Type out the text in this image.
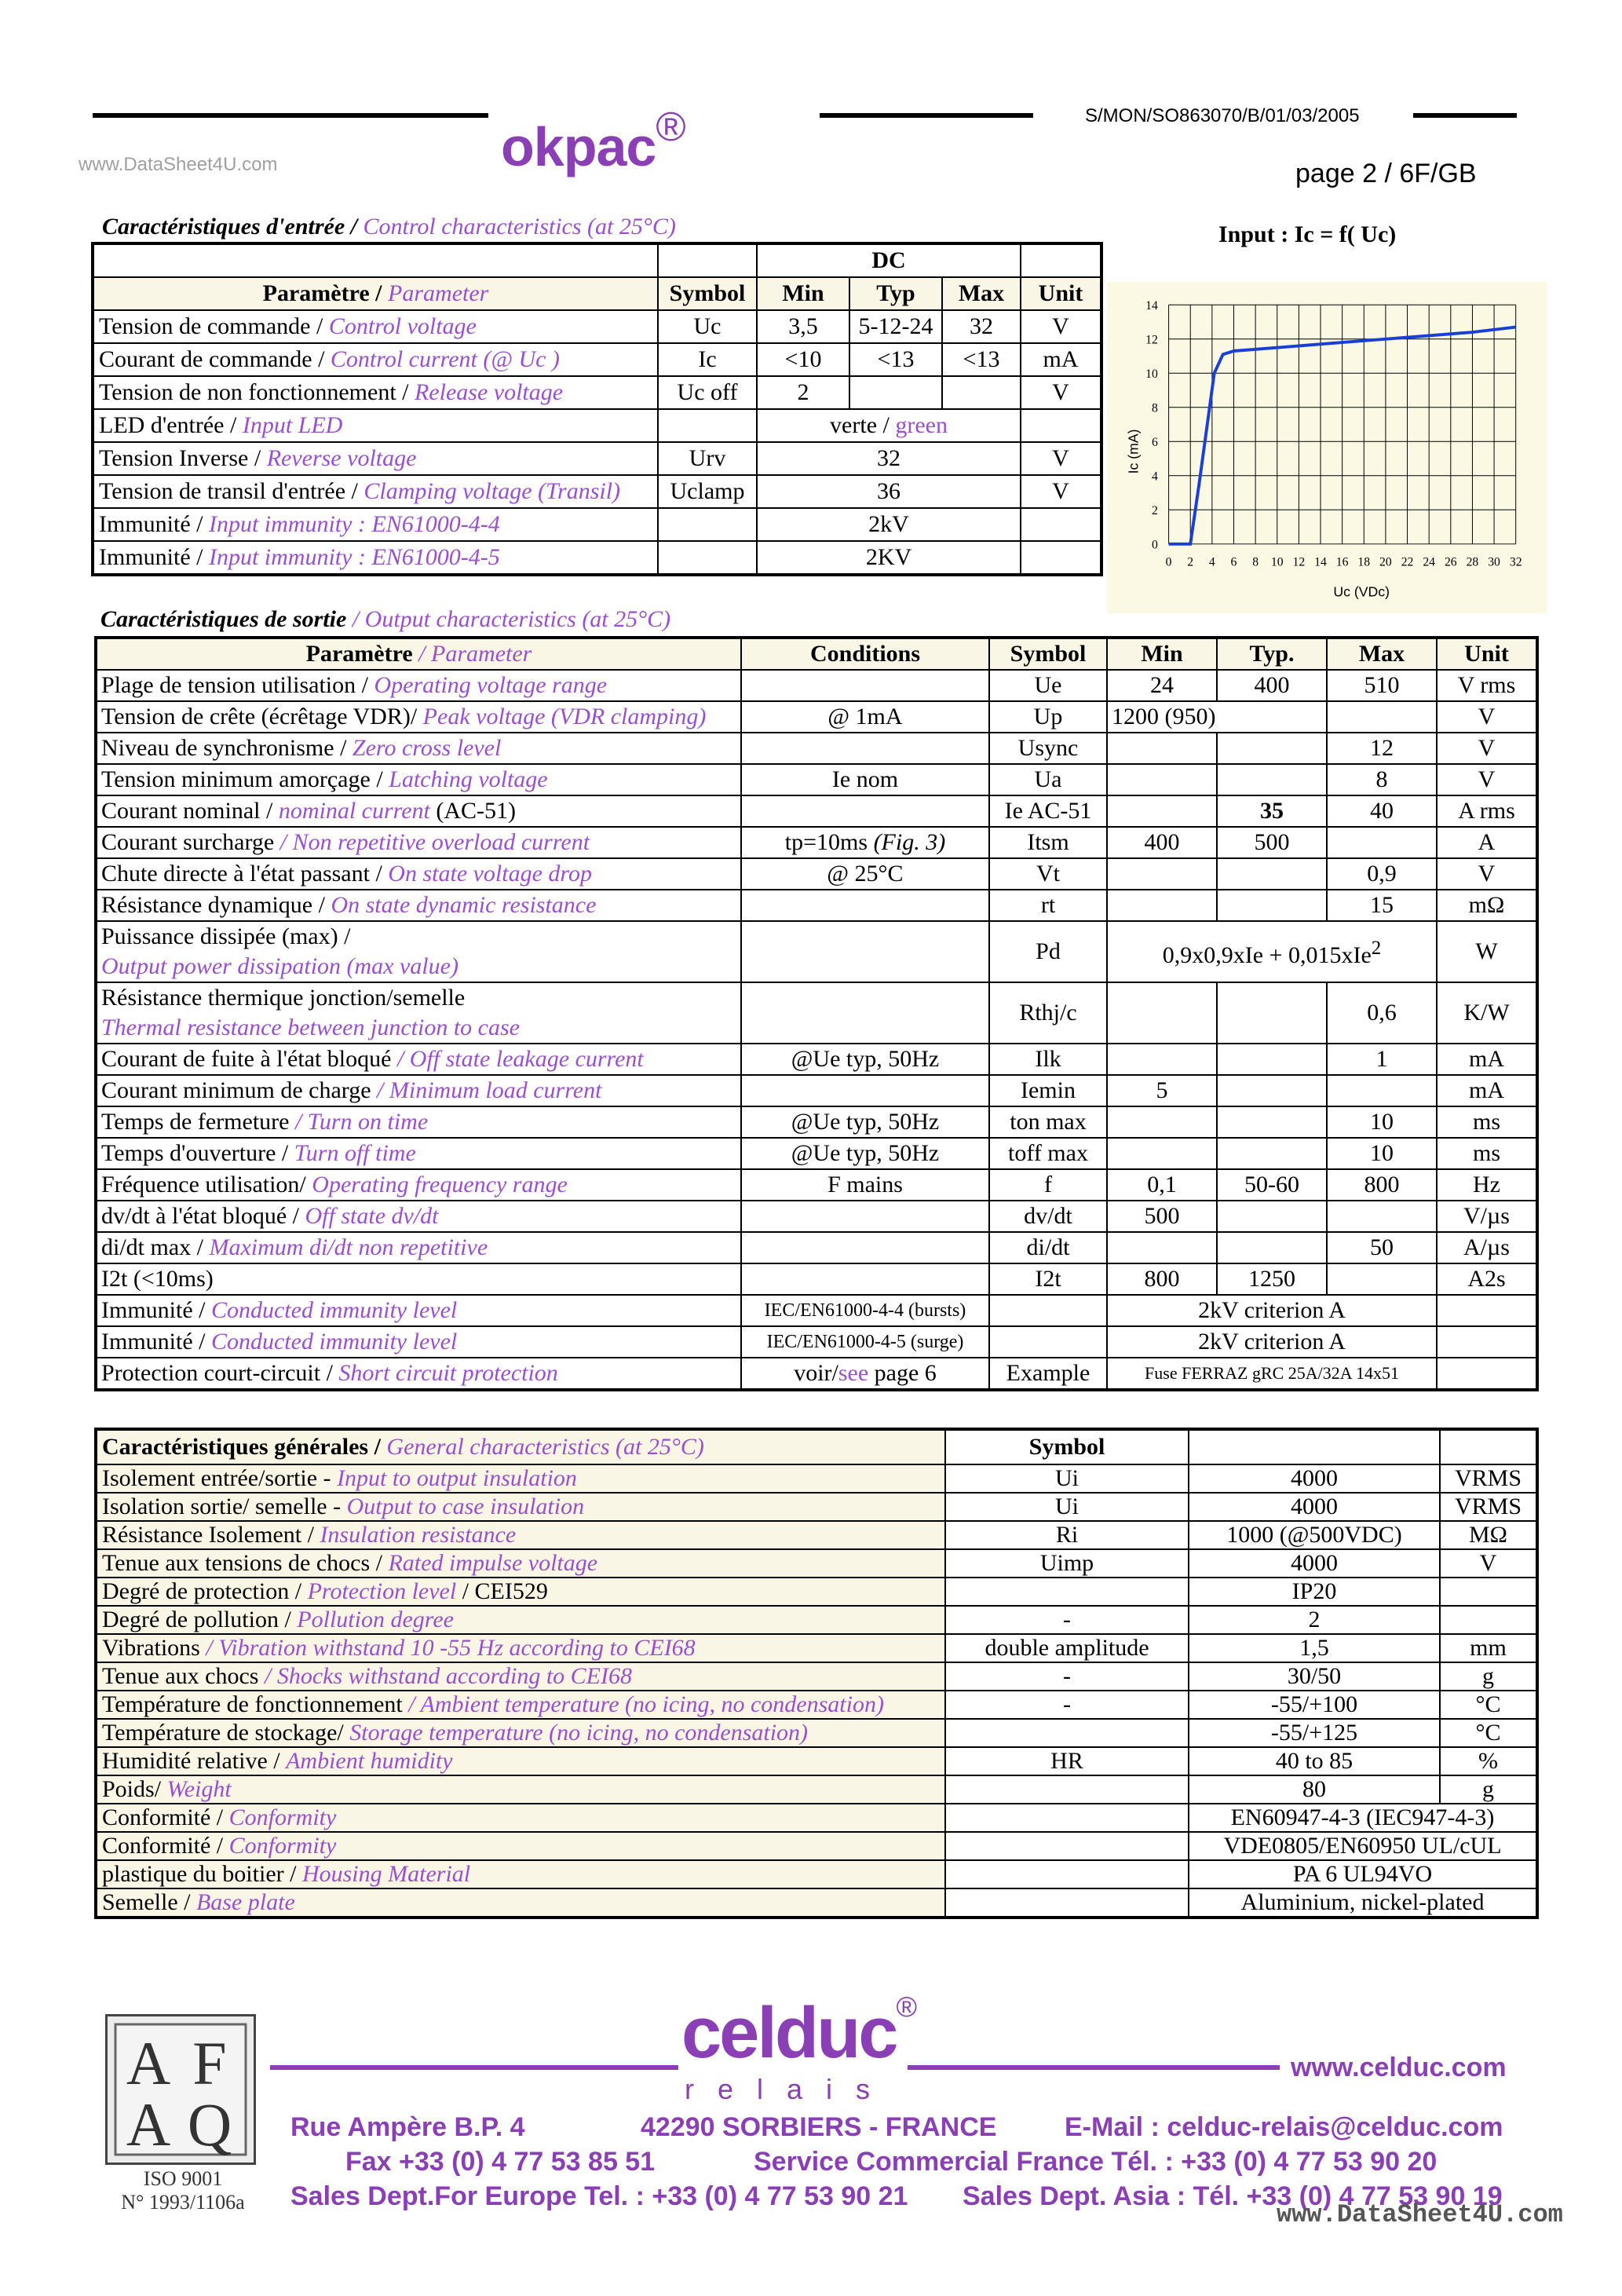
okpac®	S/MON/SO863070/B/01/03/2005
www.DataSheet4U.com	page 2 / 6F/GB
Caractéristiques d'entrée / Control characteristics (at 25°C)
		DC			
Paramètre / Parameter	Symbol	Min	Typ	Max	Unit
Tension de commande / Control voltage	Uc	3,5	5-12-24	32	V
Courant de commande / Control current (@ Uc )	Ic	<10	<13	<13	mA
Tension de non fonctionnement / Release voltage	Uc off	2			V
LED d'entrée / Input LED		verte / green			
Tension Inverse / Reverse voltage	Urv	32			V
Tension de transil d'entrée / Clamping voltage (Transil)	Uclamp	36			V
Immunité / Input immunity : EN61000-4-4		2kV			
Immunité / Input immunity : EN61000-4-5		2KV			
Input : Ic = f( Uc)
0 2 4 6 8 10 12 14 16 18 20 22 24 26 28 30 32
0
2
4
6
8
10
12
14
Uc (VDc)
Ic (mA)
Caractéristiques de sortie / Output characteristics (at 25°C)
Paramètre / Parameter	Conditions	Symbol	Min	Typ.	Max	Unit
Plage de tension utilisation / Operating voltage range		Ue	24	400	510	V rms
Tension de crête (écrêtage VDR)/ Peak voltage (VDR clamping)	@ 1mA	Up	1200 (950)			V
Niveau de synchronisme / Zero cross level		Usync			12	V
Tension minimum amorçage / Latching voltage	Ie nom	Ua			8	V
Courant nominal / nominal current (AC-51)		Ie AC-51		35	40	A rms
Courant surcharge / Non repetitive overload current	tp=10ms (Fig. 3)	Itsm	400	500		A
Chute directe à l'état passant / On state voltage drop	@ 25°C	Vt			0,9	V
Résistance dynamique / On state dynamic resistance		rt			15	mΩ
Puissance dissipée (max) /
Output power dissipation (max value)		Pd	0,9x0,9xIe + 0,015xIe$^2$			W
Résistance thermique jonction/semelle
Thermal resistance between junction to case		Rthj/c			0,6	K/W
Courant de fuite à l'état bloqué / Off state leakage current	@Ue typ, 50Hz	Ilk			1	mA
Courant minimum de charge / Minimum load current		Iemin	5			mA
Temps de fermeture / Turn on time	@Ue typ, 50Hz	ton max			10	ms
Temps d'ouverture / Turn off time	@Ue typ, 50Hz	toff max			10	ms
Fréquence utilisation/ Operating frequency range	F mains	f	0,1	50-60	800	Hz
dv/dt à l'état bloqué / Off state dv/dt		dv/dt	500			V/µs
di/dt max / Maximum di/dt non repetitive		di/dt			50	A/µs
I2t (<10ms)		I2t	800	1250		A2s
Immunité / Conducted immunity level	IEC/EN61000-4-4 (bursts)		2kV criterion A			
Immunité / Conducted immunity level	IEC/EN61000-4-5 (surge)		2kV criterion A			
Protection court-circuit / Short circuit protection	voir/see page 6	Example	Fuse FERRAZ gRC 25A/32A 14x51			
Caractéristiques générales / General characteristics (at 25°C)	Symbol		
Isolement entrée/sortie - Input to output insulation	Ui	4000	VRMS
Isolation sortie/ semelle - Output to case insulation	Ui	4000	VRMS
Résistance Isolement / Insulation resistance	Ri	1000 (@500VDC)	MΩ
Tenue aux tensions de chocs / Rated impulse voltage	Uimp	4000	V
Degré de protection / Protection level / CEI529		IP20	
Degré de pollution / Pollution degree	-	2	
Vibrations / Vibration withstand 10 -55 Hz according to CEI68	double amplitude	1,5	mm
Tenue aux chocs / Shocks withstand according to CEI68	-	30/50	g
Température de fonctionnement / Ambient temperature (no icing, no condensation)	-	-55/+100	°C
Température de stockage/ Storage temperature (no icing, no condensation)		-55/+125	°C
Humidité relative / Ambient humidity	HR	40 to 85	%
Poids/ Weight		80	g
Conformité / Conformity		EN60947-4-3 (IEC947-4-3)	
Conformité / Conformity		VDE0805/EN60950 UL/cUL	
plastique du boitier / Housing Material		PA 6 UL94VO	
Semelle / Base plate		Aluminium, nickel-plated	
A F
A Q
ISO 9001
N° 1993/1106a
celduc®
relais
www.celduc.com
Rue Ampère B.P. 4	42290 SORBIERS - FRANCE	E-Mail : celduc-relais@celduc.com
Fax +33 (0) 4 77 53 85 51	Service Commercial France Tél. : +33 (0) 4 77 53 90 20
Sales Dept.For Europe Tel. : +33 (0) 4 77 53 90 21 Sales Dept. Asia : Tél. +33 (0) 4 77 53 90 19
www.DataSheet4U.com
